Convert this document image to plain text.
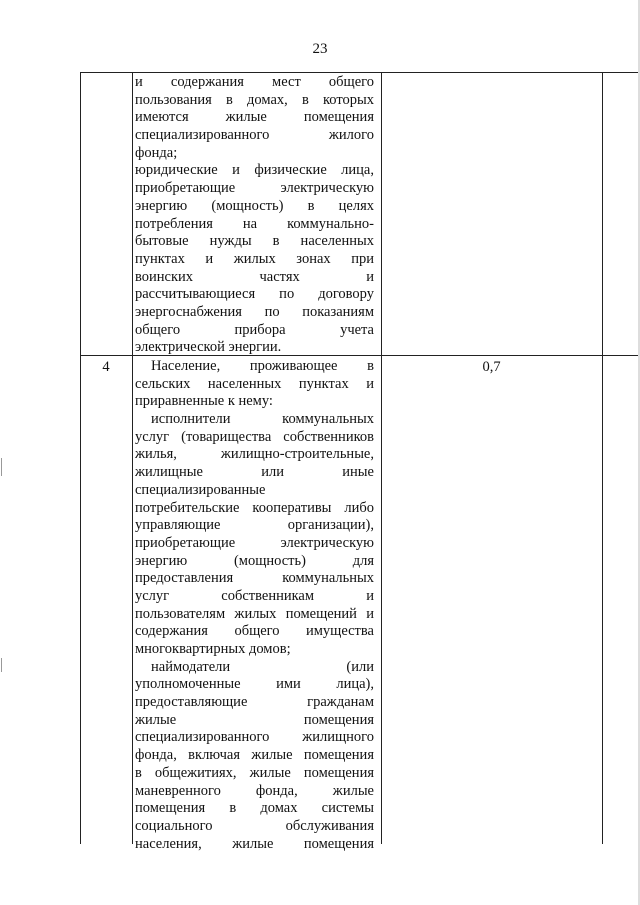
23
и содержания мест общего
пользования в домах, в которых
имеются жилые помещения
специализированного жилого
фонда;
юридические и физические лица,
приобретающие электрическую
энергию (мощность) в целях
потребления на коммунально-
бытовые нужды в населенных
пунктах и жилых зонах при
воинских частях и
рассчитывающиеся по договору
энергоснабжения по показаниям
общего прибора учета
электрической энергии.
4	Население, проживающее в
сельских населенных пунктах и
приравненные к нему:
исполнители коммунальных
услуг (товарищества собственников
жилья, жилищно-строительные,
жилищные или иные
специализированные
потребительские кооперативы либо
управляющие организации),
приобретающие электрическую
энергию (мощность) для
предоставления коммунальных
услуг собственникам и
пользователям жилых помещений и
содержания общего имущества
многоквартирных домов;
наймодатели (или
уполномоченные ими лица),
предоставляющие гражданам
жилые помещения
специализированного жилищного
фонда, включая жилые помещения
в общежитиях, жилые помещения
маневренного фонда, жилые
помещения в домах системы
социального обслуживания
населения, жилые помещения
0,7
